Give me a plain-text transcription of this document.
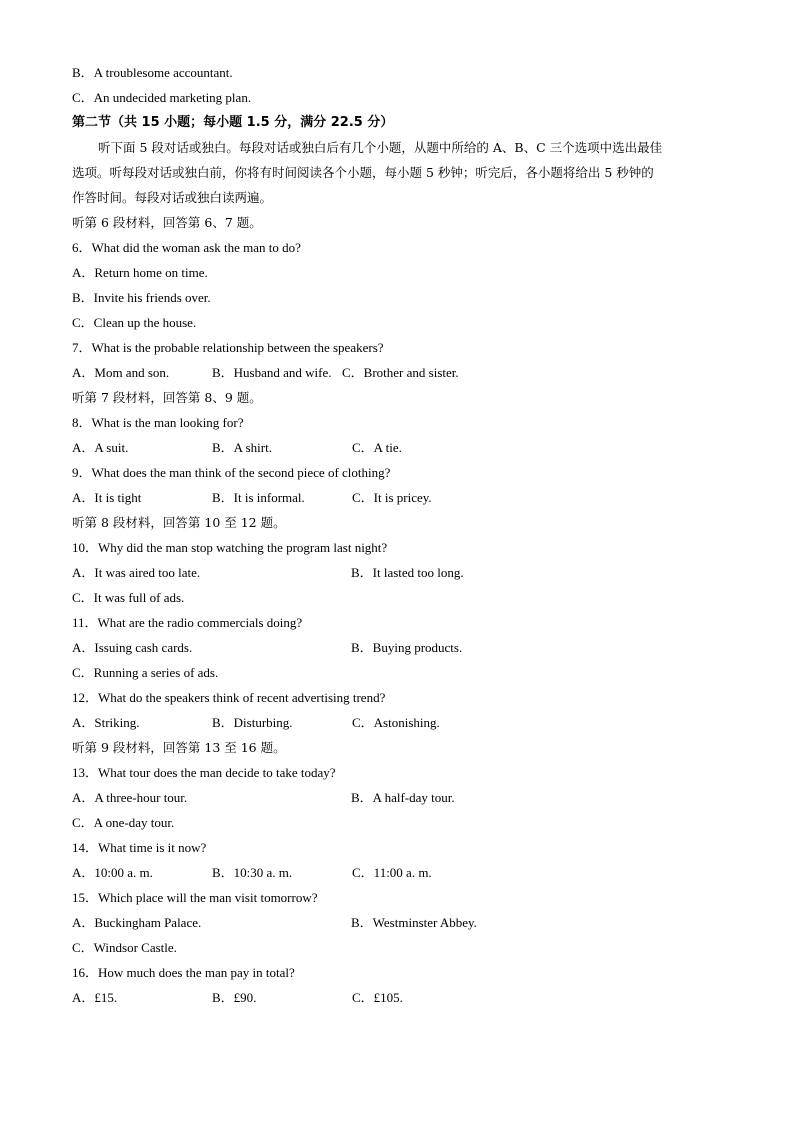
B．A troublesome accountant.
C．An undecided marketing plan.
第二节（共 15 小题；每小题 1.5 分，满分 22.5 分）
听下面 5 段对话或独白。每段对话或独白后有几个小题，从题中所给的 A、B、C 三个选项中选出最佳
选项。听每段对话或独白前，你将有时间阅读各个小题，每小题 5 秒钟；听完后，各小题将给出 5 秒钟的
作答时间。每段对话或独白读两遍。
听第 6 段材料，回答第 6、7 题。
6．What did the woman ask the man to do?
A．Return home on time.
B．Invite his friends over.
C．Clean up the house.
7．What is the probable relationship between the speakers?
A．Mom and son.	B．Husband and wife. C．Brother and sister.
听第 7 段材料，回答第 8、9 题。
8．What is the man looking for?
A．A suit.	B．A shirt.	C．A tie.
9．What does the man think of the second piece of clothing?
A．It is tight	B．It is informal.	C．It is pricey.
听第 8 段材料，回答第 10 至 12 题。
10．Why did the man stop watching the program last night?
A．It was aired too late.	B．It lasted too long.
C．It was full of ads.
11．What are the radio commercials doing?
A．Issuing cash cards.	B．Buying products.
C．Running a series of ads.
12．What do the speakers think of recent advertising trend?
A．Striking.	B．Disturbing.	C．Astonishing.
听第 9 段材料，回答第 13 至 16 题。
13．What tour does the man decide to take today?
A．A three-hour tour.	B．A half-day tour.
C．A one-day tour.
14．What time is it now?
A．10:00 a. m.	B．10:30 a. m.	C．11:00 a. m.
15．Which place will the man visit tomorrow?
A．Buckingham Palace.	B．Westminster Abbey.
C．Windsor Castle.
16．How much does the man pay in total?
A．£15.	B．£90.	C．£105.
